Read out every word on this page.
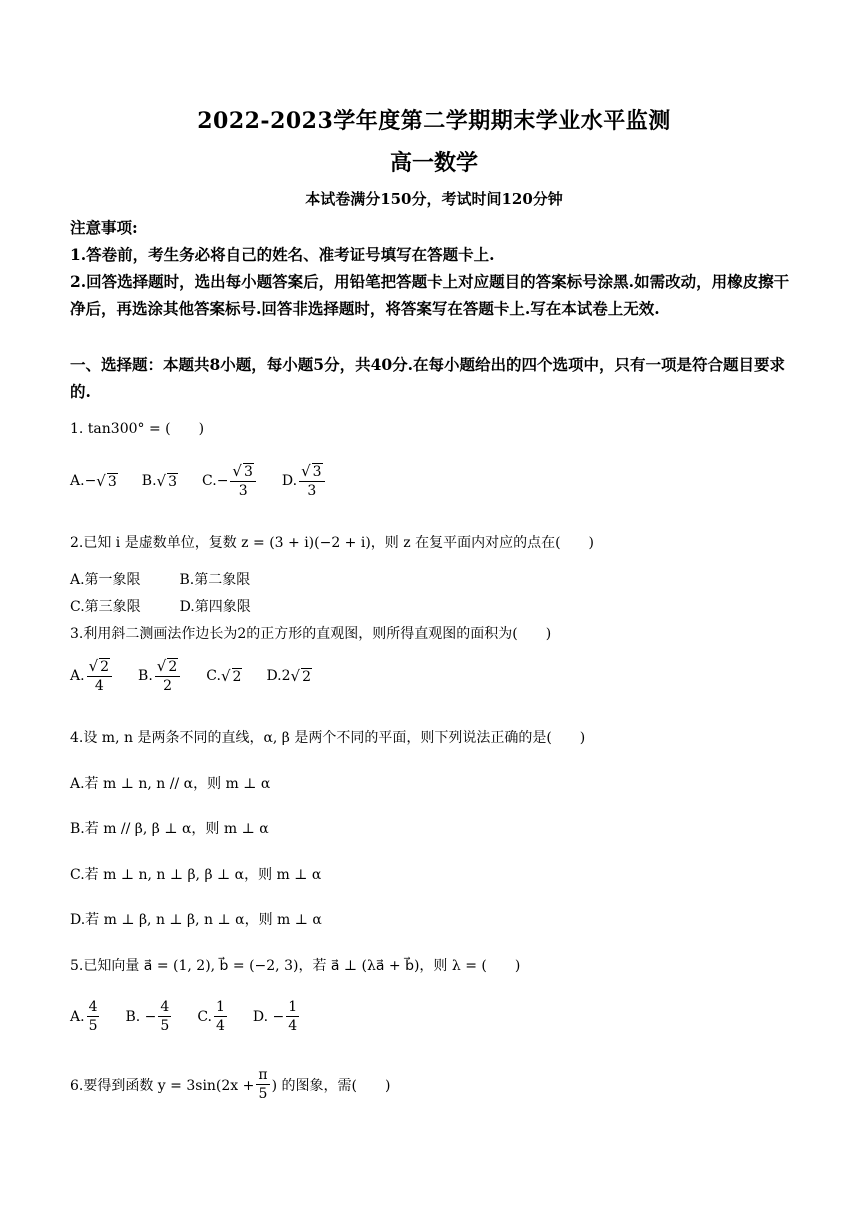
2022-2023学年度第二学期期末学业水平监测
高一数学
本试卷满分150分，考试时间120分钟

注意事项:

1.答卷前，考生务必将自己的姓名、准考证号填写在答题卡上.

2.回答选择题时，选出每小题答案后，用铅笔把答题卡上对应题目的答案标号涂黑.如需改动，用橡皮擦干净后，再选涂其他答案标号.回答非选择题时，将答案写在答题卡上.写在本试卷上无效.

一、选择题：本题共8小题，每小题5分，共40分.在每小题给出的四个选项中，只有一项是符合题目要求的.
1. tan300° = (　　)
A. − √ 3 B. √ 3 C. − $\frac{√ 3}{3} D$. $\frac{√ 3}{3}$
2.已知 i 是虚数单位，复数 z = (3 + i)(−2 + i)，则 z 在复平面内对应的点在(　　)
A.第一象限	B.第二象限
C.第三象限	D.第四象限
3.利用斜二测画法作边长为2的正方形的直观图，则所得直观图的面积为(　　)
A. $\frac{√ 2}{4} B$. $\frac{√ 2}{2} C$. √ 2 D. 2 √ 2
4.设 m, n 是两条不同的直线，α, β 是两个不同的平面，则下列说法正确的是(　　)
A.若 m ⊥ n, n // α，则 m ⊥ α
B.若 m // β, β ⊥ α，则 m ⊥ α
C.若 m ⊥ n, n ⊥ β, β ⊥ α，则 m ⊥ α
D.若 m ⊥ β, n ⊥ β, n ⊥ α，则 m ⊥ α
5.已知向量 a⃗ = (1, 2), b⃗ = (−2, 3)，若 a⃗ ⊥ (λa⃗ + b⃗)，则 λ = (　　)
A. $\frac{4}{5} B$. − $\frac{4}{5} C$. $\frac{1}{4} D$. − $\frac{1}{4}$
6.要得到函数 $y = 3\sin(2x + \frac{\pi}{5}$ ) 的图象，需(　　)
